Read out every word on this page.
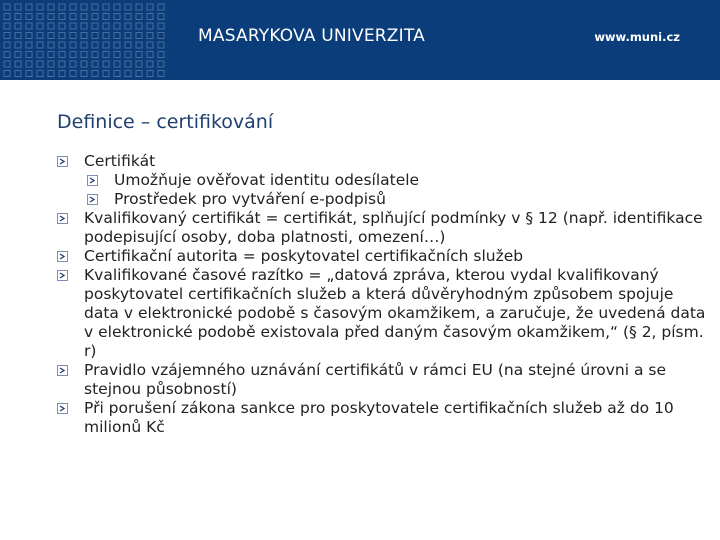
MASARYKOVA UNIVERZITA	www.muni.cz
Definice – certifikování
Certifikát
Umožňuje ověřovat identitu odesílatele
Prostředek pro vytváření e-podpisů
Kvalifikovaný certifikát = certifikát, splňující podmínky v § 12 (např. identifikace podepisující osoby, doba platnosti, omezení…)
Certifikační autorita = poskytovatel certifikačních služeb
Kvalifikované časové razítko = „datová zpráva, kterou vydal kvalifikovaný poskytovatel certifikačních služeb a která důvěryhodným způsobem spojuje data v elektronické podobě s časovým okamžikem, a zaručuje, že uvedená data v elektronické podobě existovala před daným časovým okamžikem,“ (§ 2, písm. r)
Pravidlo vzájemného uznávání certifikátů v rámci EU (na stejné úrovni a se stejnou působností)
Při porušení zákona sankce pro poskytovatele certifikačních služeb až do 10 milionů Kč
